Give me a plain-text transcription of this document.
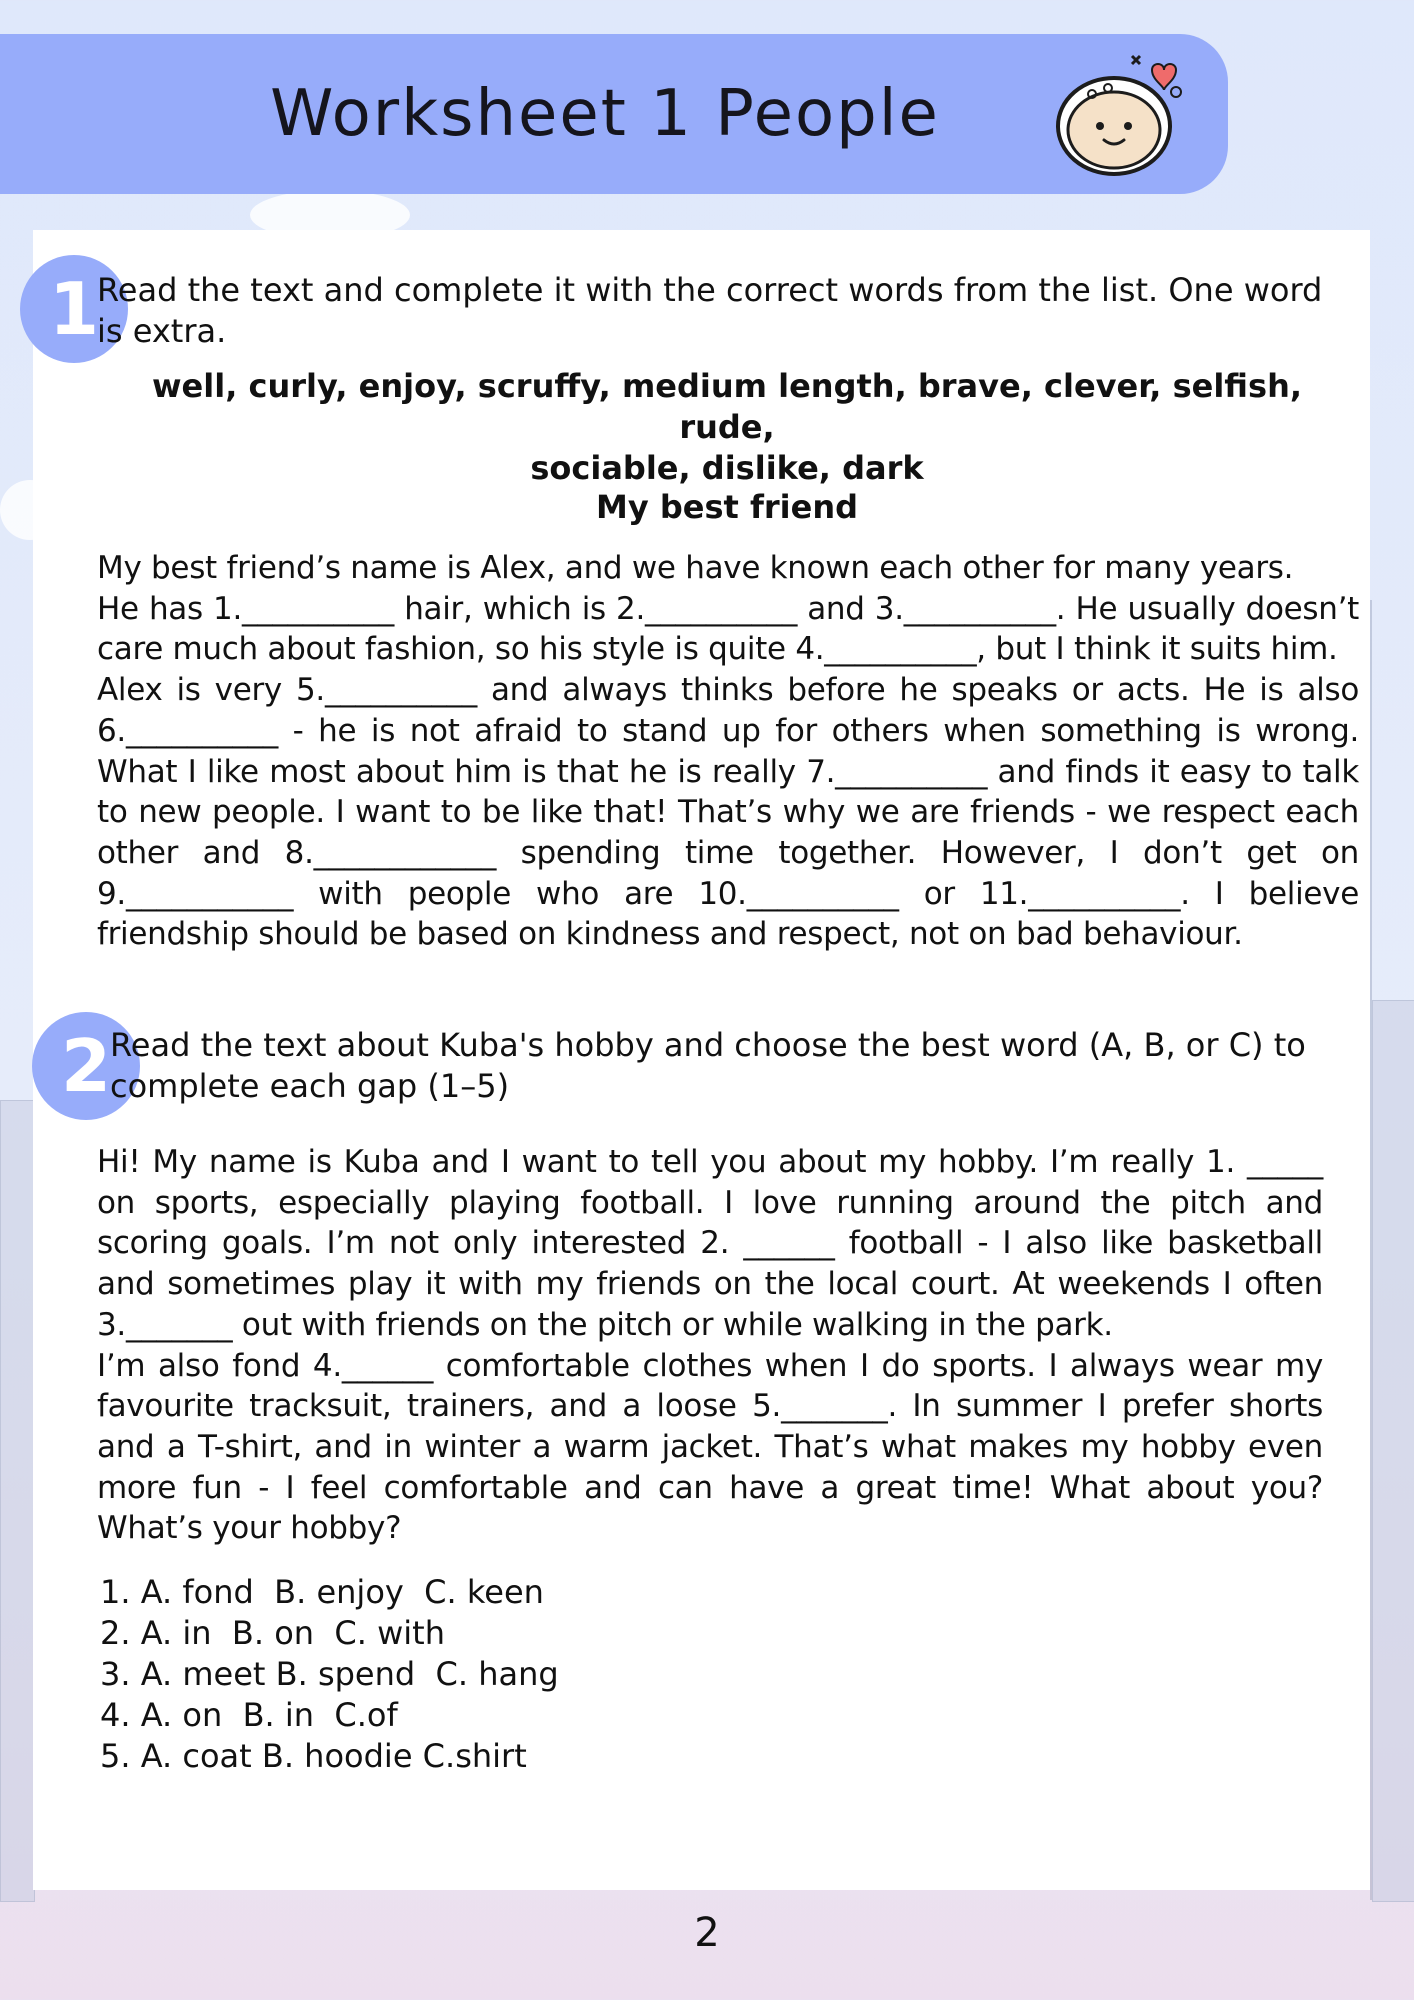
Worksheet 1 People
1
Read the text and complete it with the correct words from the list. One word is extra.
well, curly, enjoy, scruffy, medium length, brave, clever, selfish, rude,
sociable, dislike, dark
My best friend
My best friend’s name is Alex, and we have known each other for many years.
He has 1.__________ hair, which is 2.__________ and 3.__________. He usually doesn’t
care much about fashion, so his style is quite 4.__________, but I think it suits him.
Alex is very 5.__________ and always thinks before he speaks or acts. He is also
6.__________ - he is not afraid to stand up for others when something is wrong.
What I like most about him is that he is really 7.__________ and finds it easy to talk
to new people. I want to be like that! That’s why we are friends - we respect each
other and 8.____________ spending time together. However, I don’t get on
9.___________ with people who are 10.__________ or 11.__________. I believe
friendship should be based on kindness and respect, not on bad behaviour.
2
Read the text about Kuba's hobby and choose the best word (A, B, or C) to complete each gap (1–5)
Hi! My name is Kuba and I want to tell you about my hobby. I’m really 1. _____
on sports, especially playing football. I love running around the pitch and
scoring goals. I’m not only interested 2. ______ football - I also like basketball
and sometimes play it with my friends on the local court. At weekends I often
3._______ out with friends on the pitch or while walking in the park.
I’m also fond 4.______ comfortable clothes when I do sports. I always wear my
favourite tracksuit, trainers, and a loose 5._______. In summer I prefer shorts
and a T-shirt, and in winter a warm jacket. That’s what makes my hobby even
more fun - I feel comfortable and can have a great time! What about you?
What’s your hobby?
1. A. fond  B. enjoy  C. keen
2. A. in  B. on  C. with
3. A. meet B. spend  C. hang
4. A. on  B. in  C.of
5. A. coat B. hoodie C.shirt
2
